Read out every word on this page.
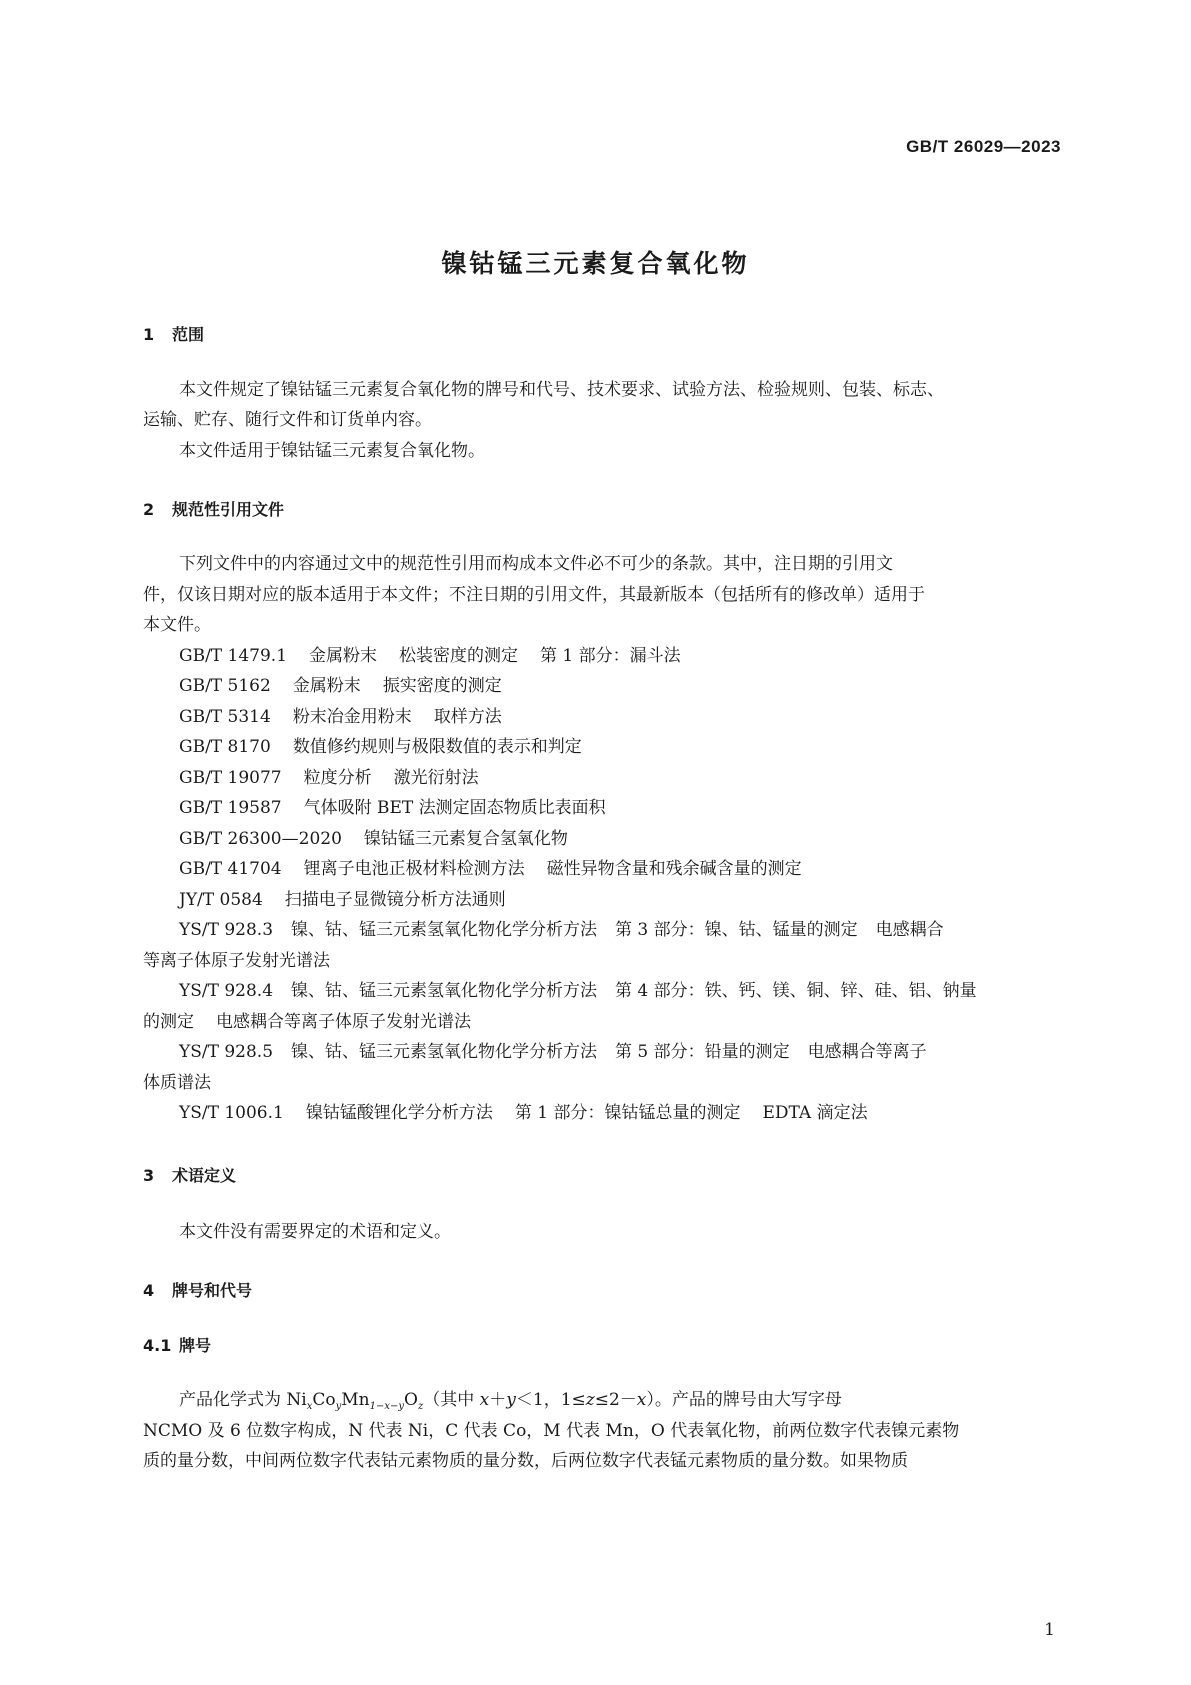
GB/T 26029—2023
镍钴锰三元素复合氧化物
1 范围
本文件规定了镍钴锰三元素复合氧化物的牌号和代号、技术要求、试验方法、检验规则、包装、标志、
运输、贮存、随行文件和订货单内容。
本文件适用于镍钴锰三元素复合氧化物。
2 规范性引用文件
下列文件中的内容通过文中的规范性引用而构成本文件必不可少的条款。其中，注日期的引用文
件，仅该日期对应的版本适用于本文件；不注日期的引用文件，其最新版本（包括所有的修改单）适用于
本文件。
GB/T 1479.1 金属粉末 松装密度的测定 第 1 部分：漏斗法
GB/T 5162 金属粉末 振实密度的测定
GB/T 5314 粉末冶金用粉末 取样方法
GB/T 8170 数值修约规则与极限数值的表示和判定
GB/T 19077 粒度分析 激光衍射法
GB/T 19587 气体吸附 BET 法测定固态物质比表面积
GB/T 26300—2020 镍钴锰三元素复合氢氧化物
GB/T 41704 锂离子电池正极材料检测方法 磁性异物含量和残余碱含量的测定
JY/T 0584 扫描电子显微镜分析方法通则
YS/T 928.3 镍、钴、锰三元素氢氧化物化学分析方法 第 3 部分：镍、钴、锰量的测定 电感耦合
等离子体原子发射光谱法
YS/T 928.4 镍、钴、锰三元素氢氧化物化学分析方法 第 4 部分：铁、钙、镁、铜、锌、硅、铝、钠量
的测定 电感耦合等离子体原子发射光谱法
YS/T 928.5 镍、钴、锰三元素氢氧化物化学分析方法 第 5 部分：铅量的测定 电感耦合等离子
体质谱法
YS/T 1006.1 镍钴锰酸锂化学分析方法 第 1 部分：镍钴锰总量的测定 EDTA 滴定法
3 术语定义
本文件没有需要界定的术语和定义。
4 牌号和代号
4.1 牌号
产品化学式为 $Ni_xCo_yMn_{1-x-y}O_z$（其中 x＋y＜1，1≤z≤2－x）。产品的牌号由大写字母
NCMO 及 6 位数字构成，N 代表 Ni，C 代表 Co，M 代表 Mn，O 代表氧化物，前两位数字代表镍元素物
质的量分数，中间两位数字代表钴元素物质的量分数，后两位数字代表锰元素物质的量分数。如果物质
1
